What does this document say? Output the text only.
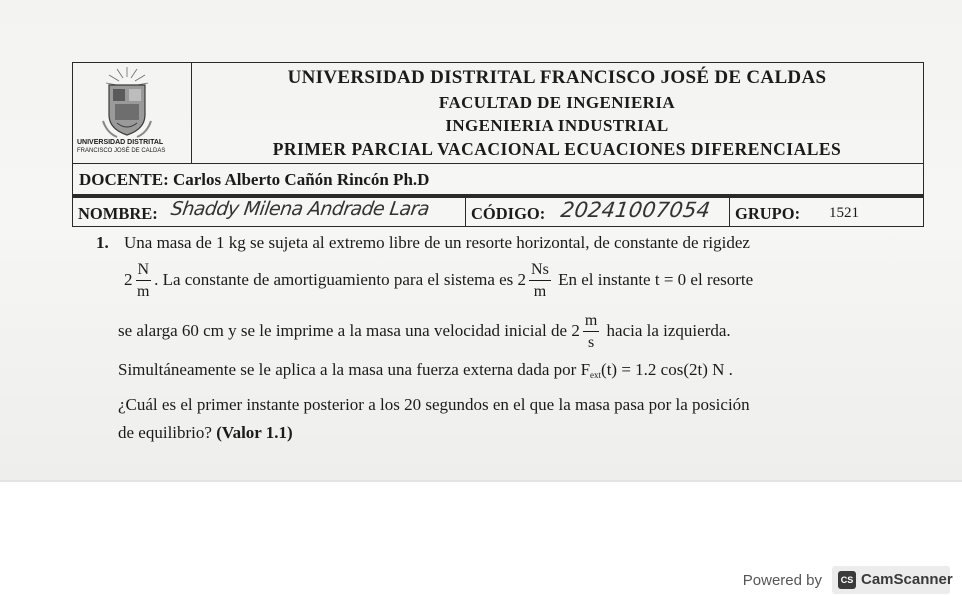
UNIVERSIDAD DISTRITAL
FRANCISCO JOSÉ DE CALDAS
UNIVERSIDAD DISTRITAL FRANCISCO JOSÉ DE CALDAS
FACULTAD DE INGENIERIA
INGENIERIA INDUSTRIAL
PRIMER PARCIAL VACACIONAL ECUACIONES DIFERENCIALES
DOCENTE: Carlos Alberto Cañón Rincón Ph.D
NOMBRE: Shaddy Milena Andrade Lara CÓDIGO: 20241007054 GRUPO: 1521
1. Una masa de 1 kg se sujeta al extremo libre de un resorte horizontal, de constante de rigidez
$2 \frac{N}{m}$ . La constante de amortiguamiento para el sistema es $2 \frac{Ns}{m}$ En el instante t = 0 el resorte
se alarga 60 cm y se le imprime a la masa una velocidad inicial de $2 \frac{m}{s}$ hacia la izquierda.
Simultáneamente se le aplica a la masa una fuerza externa dada por $F_{ext}(t) = 1.2$ cos(2t) N .
¿Cuál es el primer instante posterior a los 20 segundos en el que la masa pasa por la posición
de equilibrio? (Valor 1.1)
Powered by	CS CamScanner
